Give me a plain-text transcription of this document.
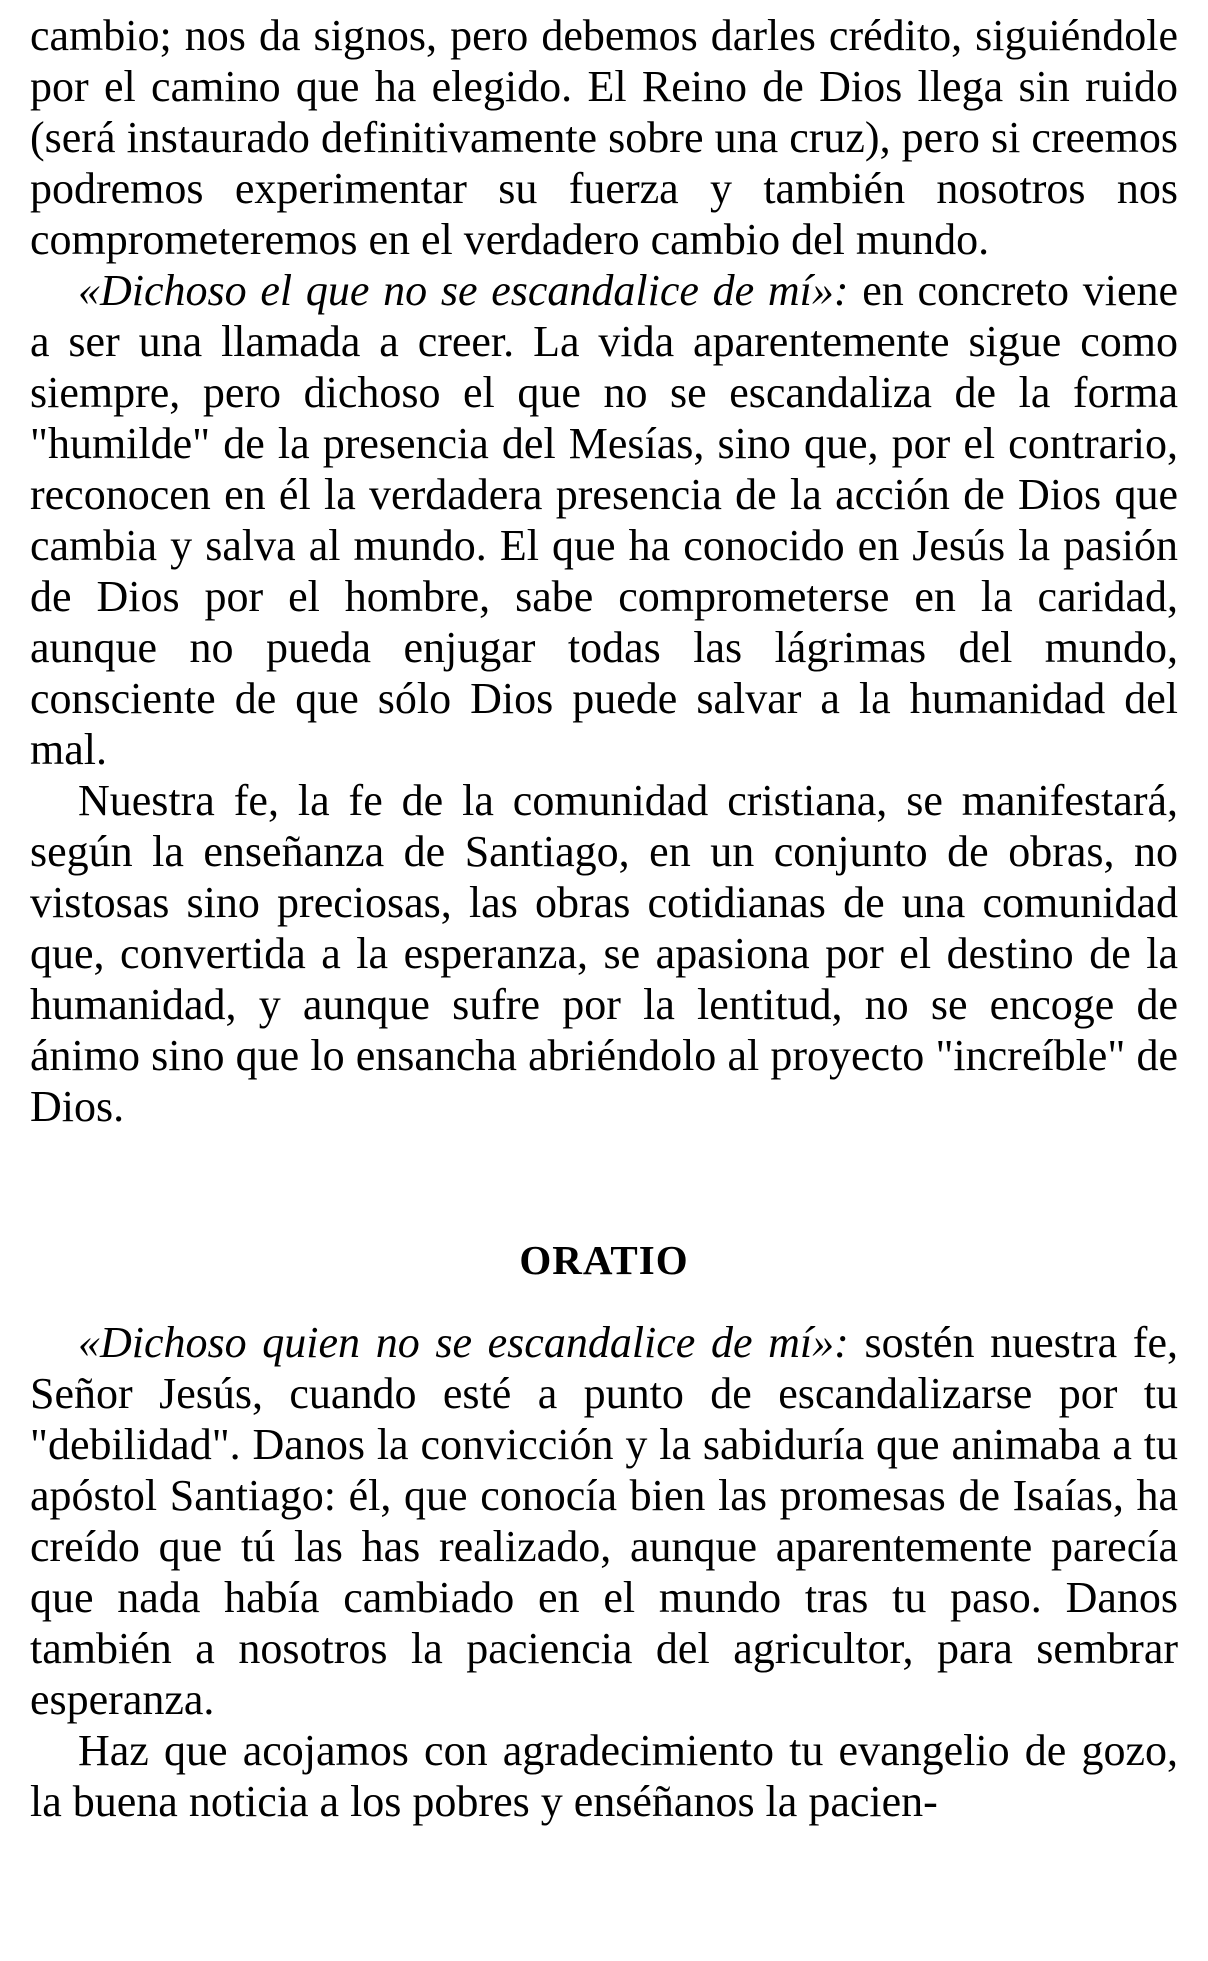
cambio; nos da signos, pero debemos darles crédito, siguiéndole por el camino que ha elegido. El Reino de Dios llega sin ruido (será instaurado definitivamente sobre una cruz), pero si creemos podremos experimentar su fuerza y también nosotros nos comprometeremos en el verdadero cambio del mundo.

«Dichoso el que no se escandalice de mí»: en concreto viene a ser una llamada a creer. La vida aparentemente sigue como siempre, pero dichoso el que no se escandaliza de la forma "humilde" de la presencia del Mesías, sino que, por el contrario, reconocen en él la verdadera presencia de la acción de Dios que cambia y salva al mundo. El que ha conocido en Jesús la pasión de Dios por el hombre, sabe comprometerse en la caridad, aunque no pueda enjugar todas las lágrimas del mundo, consciente de que sólo Dios puede salvar a la humanidad del mal.

Nuestra fe, la fe de la comunidad cristiana, se manifestará, según la enseñanza de Santiago, en un conjunto de obras, no vistosas sino preciosas, las obras cotidianas de una comunidad que, convertida a la esperanza, se apasiona por el destino de la humanidad, y aunque sufre por la lentitud, no se encoge de ánimo sino que lo ensancha abriéndolo al proyecto "increíble" de Dios.

ORATIO

«Dichoso quien no se escandalice de mí»: sostén nuestra fe, Señor Jesús, cuando esté a punto de escandalizarse por tu "debilidad". Danos la convicción y la sabiduría que animaba a tu apóstol Santiago: él, que conocía bien las promesas de Isaías, ha creído que tú las has realizado, aunque aparentemente parecía que nada había cambiado en el mundo tras tu paso. Danos también a nosotros la paciencia del agricultor, para sembrar esperanza.

Haz que acojamos con agradecimiento tu evangelio de gozo, la buena noticia a los pobres y enséñanos la pacien-
